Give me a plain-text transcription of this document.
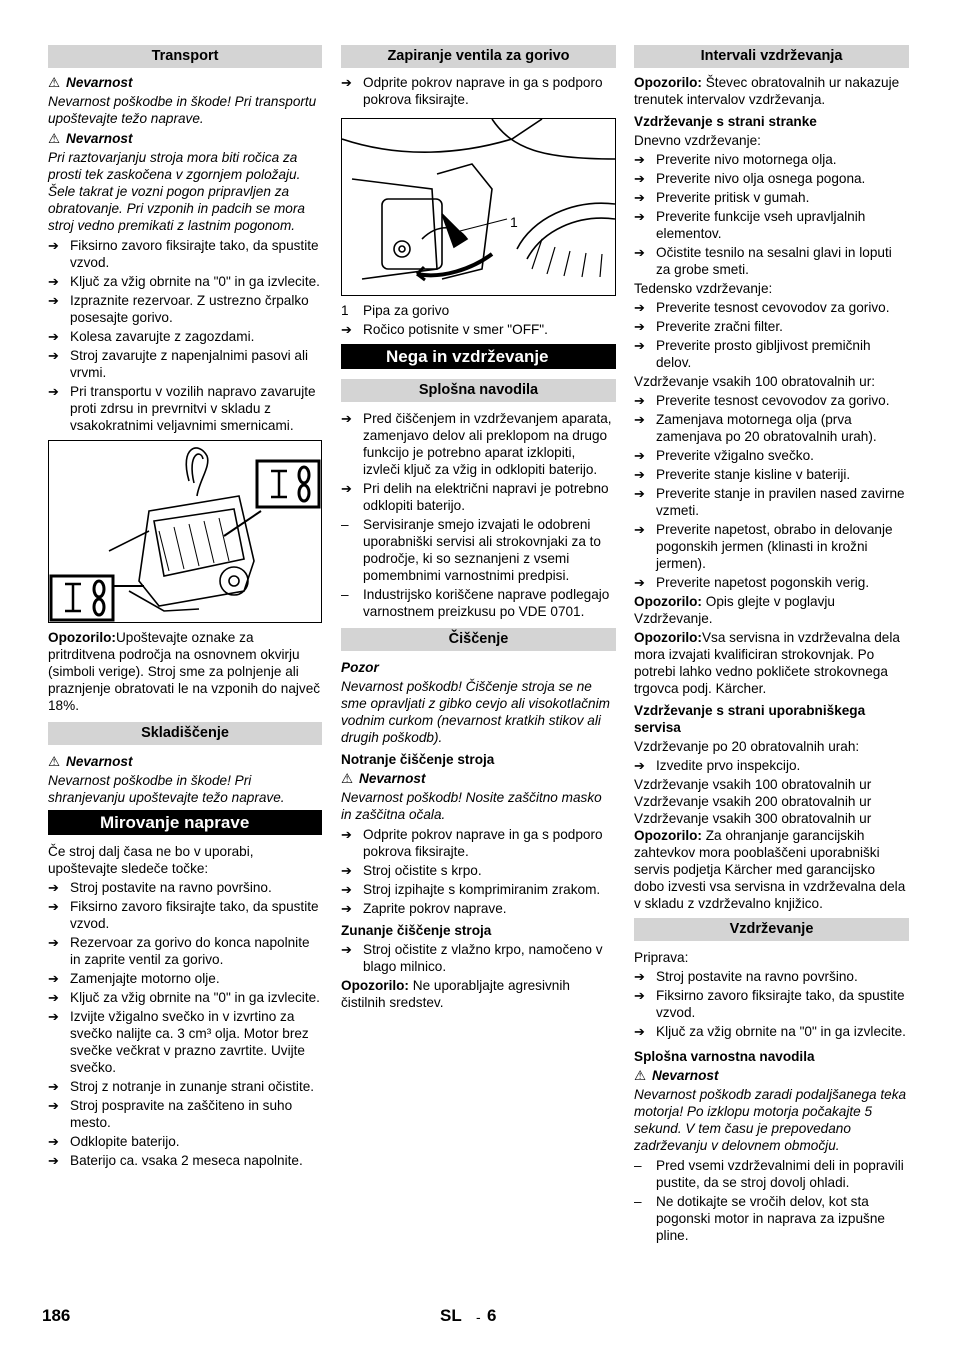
Transport
⚠ Nevarnost
Nevarnost poškodbe in škode! Pri transportu upoštevajte težo naprave.
⚠ Nevarnost
Pri raztovarjanju stroja mora biti ročica za prosti tek zaskočena v zgornjem položaju. Šele takrat je vozni pogon pripravljen za obratovanje. Pri vzponih in padcih se mora stroj vedno premikati z lastnim pogonom.
➔ Fiksirno zavoro fiksirajte tako, da spustite vzvod.
➔ Ključ za vžig obrnite na "0" in ga izvlecite.
➔ Izpraznite rezervoar. Z ustrezno črpalko posesajte gorivo.
➔ Kolesa zavarujte z zagozdami.
➔ Stroj zavarujte z napenjalnimi pasovi ali vrvmi.
➔ Pri transportu v vozilih napravo zavarujte proti zdrsu in prevrnitvi v skladu z vsakokratnimi veljavnimi smernicami.
Opozorilo:Upoštevajte oznake za pritrditvena področja na osnovnem okvirju (simboli verige). Stroj sme za polnjenje ali praznjenje obratovati le na vzponih do največ 18%.
Skladiščenje
⚠ Nevarnost
Nevarnost poškodbe in škode! Pri shranjevanju upoštevajte težo naprave.
Mirovanje naprave
Če stroj dalj časa ne bo v uporabi, upoštevajte sledeče točke:
➔ Stroj postavite na ravno površino.
➔ Fiksirno zavoro fiksirajte tako, da spustite vzvod.
➔ Rezervoar za gorivo do konca napolnite in zaprite ventil za gorivo.
➔ Zamenjajte motorno olje.
➔ Ključ za vžig obrnite na "0" in ga izvlecite.
➔ Izvijte vžigalno svečko in v izvrtino za svečko nalijte ca. 3 cm³ olja. Motor brez svečke večkrat v prazno zavrtite. Uvijte svečko.
➔ Stroj z notranje in zunanje strani očistite.
➔ Stroj pospravite na zaščiteno in suho mesto.
➔ Odklopite baterijo.
➔ Baterijo ca. vsaka 2 meseca napolnite.
Zapiranje ventila za gorivo
➔ Odprite pokrov naprave in ga s podporo pokrova fiksirajte.
1
1 Pipa za gorivo
➔ Ročico potisnite v smer "OFF".
Nega in vzdrževanje
Splošna navodila
➔ Pred čiščenjem in vzdrževanjem aparata, zamenjavo delov ali preklopom na drugo funkcijo je potrebno aparat izklopiti, izvleči ključ za vžig in odklopiti baterijo.
➔ Pri delih na električni napravi je potrebno odklopiti baterijo.
– Servisiranje smejo izvajati le odobreni uporabniški servisi ali strokovnjaki za to področje, ki so seznanjeni z vsemi pomembnimi varnostnimi predpisi.
– Industrijsko koriščene naprave podlegajo varnostnem preizkusu po VDE 0701.
Čiščenje
Pozor
Nevarnost poškodb! Čiščenje stroja se ne sme opravljati z gibko cevjo ali visokotlačnim vodnim curkom (nevarnost kratkih stikov ali drugih poškodb).
Notranje čiščenje stroja
⚠ Nevarnost
Nevarnost poškodb! Nosite zaščitno masko in zaščitna očala.
➔ Odprite pokrov naprave in ga s podporo pokrova fiksirajte.
➔ Stroj očistite s krpo.
➔ Stroj izpihajte s komprimiranim zrakom.
➔ Zaprite pokrov naprave.
Zunanje čiščenje stroja
➔ Stroj očistite z vlažno krpo, namočeno v blago milnico.
Opozorilo: Ne uporabljajte agresivnih čistilnih sredstev.
Intervali vzdrževanja
Opozorilo: Števec obratovalnih ur nakazuje trenutek intervalov vzdrževanja.
Vzdrževanje s strani stranke
Dnevno vzdrževanje:
➔ Preverite nivo motornega olja.
➔ Preverite nivo olja osnega pogona.
➔ Preverite pritisk v gumah.
➔ Preverite funkcije vseh upravljalnih elementov.
➔ Očistite tesnilo na sesalni glavi in loputi za grobe smeti.
Tedensko vzdrževanje:
➔ Preverite tesnost cevovodov za gorivo.
➔ Preverite zračni filter.
➔ Preverite prosto gibljivost premičnih delov.
Vzdrževanje vsakih 100 obratovalnih ur:
➔ Preverite tesnost cevovodov za gorivo.
➔ Zamenjava motornega olja (prva zamenjava po 20 obratovalnih urah).
➔ Preverite vžigalno svečko.
➔ Preverite stanje kisline v bateriji.
➔ Preverite stanje in pravilen nased zavirne vzmeti.
➔ Preverite napetost, obrabo in delovanje pogonskih jermen (klinasti in krožni jermen).
➔ Preverite napetost pogonskih verig.
Opozorilo: Opis glejte v poglavju Vzdrževanje.
Opozorilo:Vsa servisna in vzdrževalna dela mora izvajati kvalificiran strokovnjak. Po potrebi lahko vedno pokličete strokovnega trgovca podj. Kärcher.
Vzdrževanje s strani uporabniškega servisa
Vzdrževanje po 20 obratovalnih urah:
➔ Izvedite prvo inspekcijo.
Vzdrževanje vsakih 100 obratovalnih ur
Vzdrževanje vsakih 200 obratovalnih ur
Vzdrževanje vsakih 300 obratovalnih ur
Opozorilo: Za ohranjanje garancijskih zahtevkov mora pooblaščeni uporabniški servis podjetja Kärcher med garancijsko dobo izvesti vsa servisna in vzdrževalna dela v skladu z vzdrževalno knjižico.
Vzdrževanje
Priprava:
➔ Stroj postavite na ravno površino.
➔ Fiksirno zavoro fiksirajte tako, da spustite vzvod.
➔ Ključ za vžig obrnite na "0" in ga izvlecite.
Splošna varnostna navodila
⚠ Nevarnost
Nevarnost poškodb zaradi podaljšanega teka motorja! Po izklopu motorja počakajte 5 sekund. V tem času je prepovedano zadrževanju v delovnem območju.
– Pred vsemi vzdrževalnimi deli in popravili pustite, da se stroj dovolj ohladi.
– Ne dotikajte se vročih delov, kot sta pogonski motor in naprava za izpušne pline.
186	SL - 6
